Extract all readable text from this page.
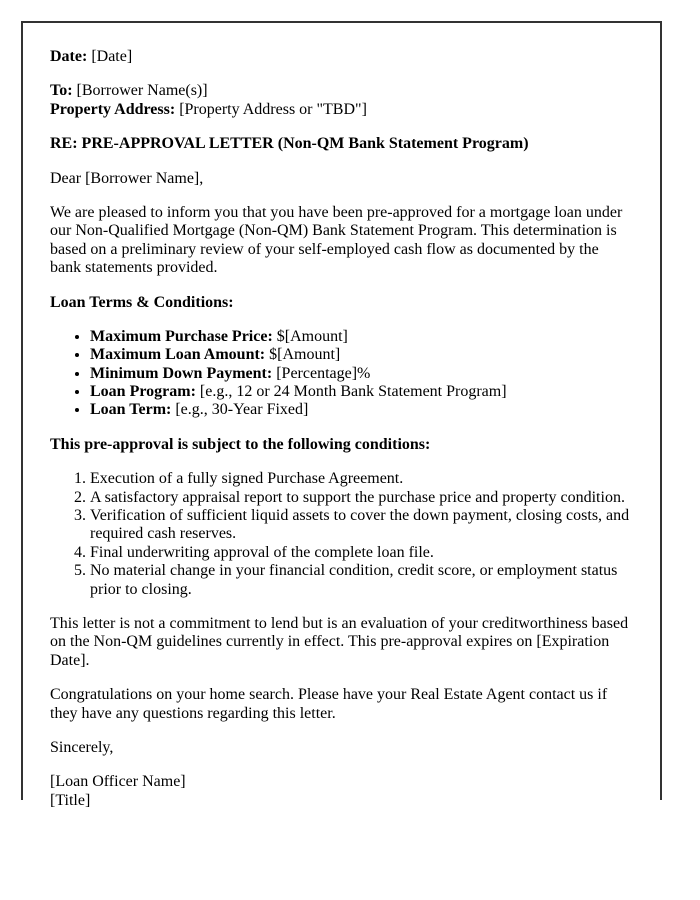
Date: [Date]

To: [Borrower Name(s)]
Property Address: [Property Address or "TBD"]

RE: PRE-APPROVAL LETTER (Non-QM Bank Statement Program)

Dear [Borrower Name],

We are pleased to inform you that you have been pre-approved for a mortgage loan under our Non-Qualified Mortgage (Non-QM) Bank Statement Program. This determination is based on a preliminary review of your self-employed cash flow as documented by the bank statements provided.

Loan Terms & Conditions:

• Maximum Purchase Price: $[Amount]
• Maximum Loan Amount: $[Amount]
• Minimum Down Payment: [Percentage]%
• Loan Program: [e.g., 12 or 24 Month Bank Statement Program]
• Loan Term: [e.g., 30-Year Fixed]

This pre-approval is subject to the following conditions:

1. Execution of a fully signed Purchase Agreement.
2. A satisfactory appraisal report to support the purchase price and property condition.
3. Verification of sufficient liquid assets to cover the down payment, closing costs, and required cash reserves.
4. Final underwriting approval of the complete loan file.
5. No material change in your financial condition, credit score, or employment status prior to closing.

This letter is not a commitment to lend but is an evaluation of your creditworthiness based on the Non-QM guidelines currently in effect. This pre-approval expires on [Expiration Date].

Congratulations on your home search. Please have your Real Estate Agent contact us if they have any questions regarding this letter.

Sincerely,

[Loan Officer Name]
[Title]
